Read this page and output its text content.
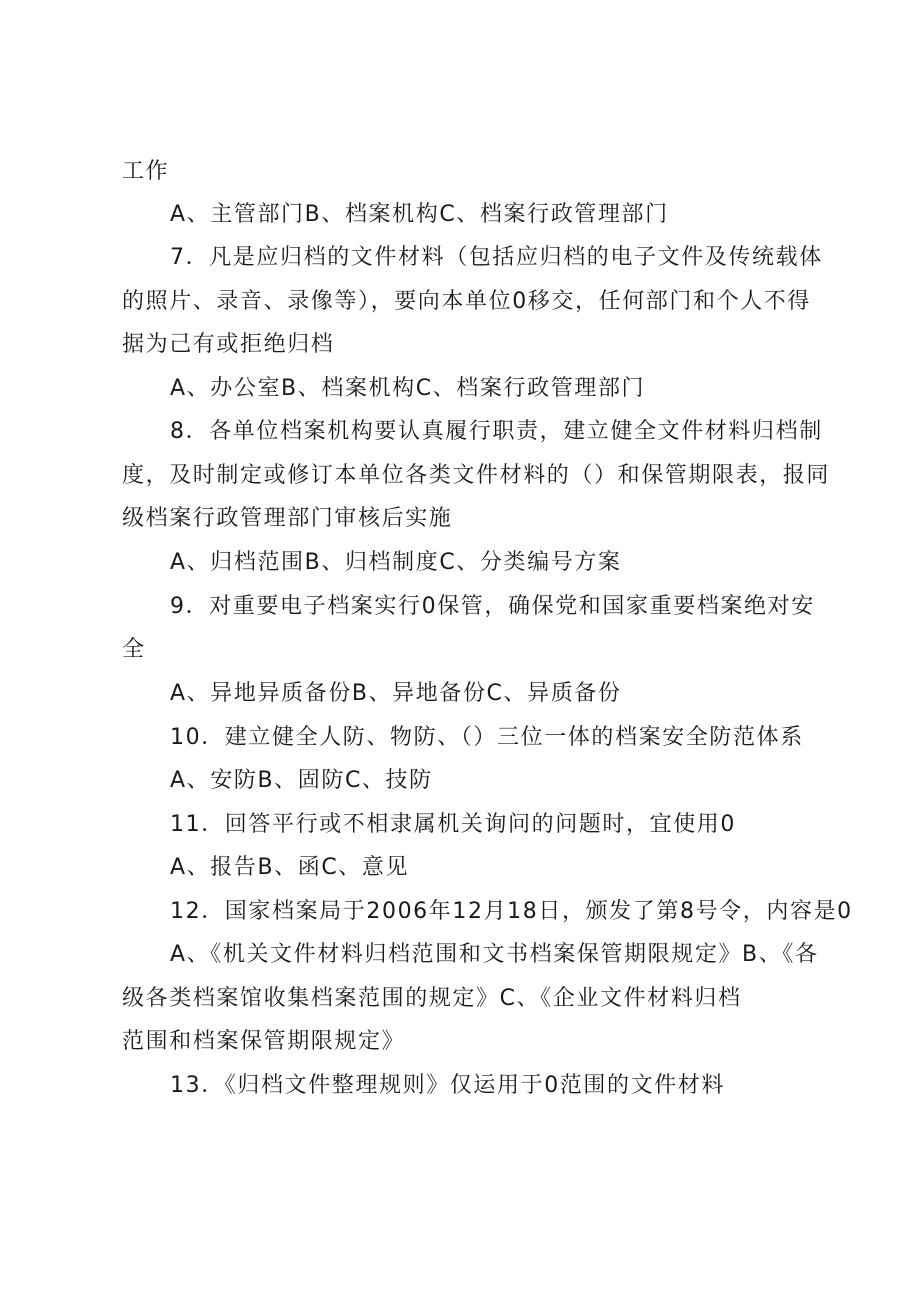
工作
A、主管部门B、档案机构C、档案行政管理部门
7．凡是应归档的文件材料（包括应归档的电子文件及传统载体
的照片、录音、录像等），要向本单位0移交，任何部门和个人不得
据为己有或拒绝归档
A、办公室B、档案机构C、档案行政管理部门
8．各单位档案机构要认真履行职责，建立健全文件材料归档制
度，及时制定或修订本单位各类文件材料的（）和保管期限表，报同
级档案行政管理部门审核后实施
A、归档范围B、归档制度C、分类编号方案
9．对重要电子档案实行0保管，确保党和国家重要档案绝对安
全
A、异地异质备份B、异地备份C、异质备份
10．建立健全人防、物防、（）三位一体的档案安全防范体系
A、安防B、固防C、技防
11．回答平行或不相隶属机关询问的问题时，宜使用0
A、报告B、函C、意见
12．国家档案局于2006年12月18日，颁发了第8号令，内容是0
A、《机关文件材料归档范围和文书档案保管期限规定》B、《各
级各类档案馆收集档案范围的规定》C、《企业文件材料归档
范围和档案保管期限规定》
13．《归档文件整理规则》仅运用于0范围的文件材料
